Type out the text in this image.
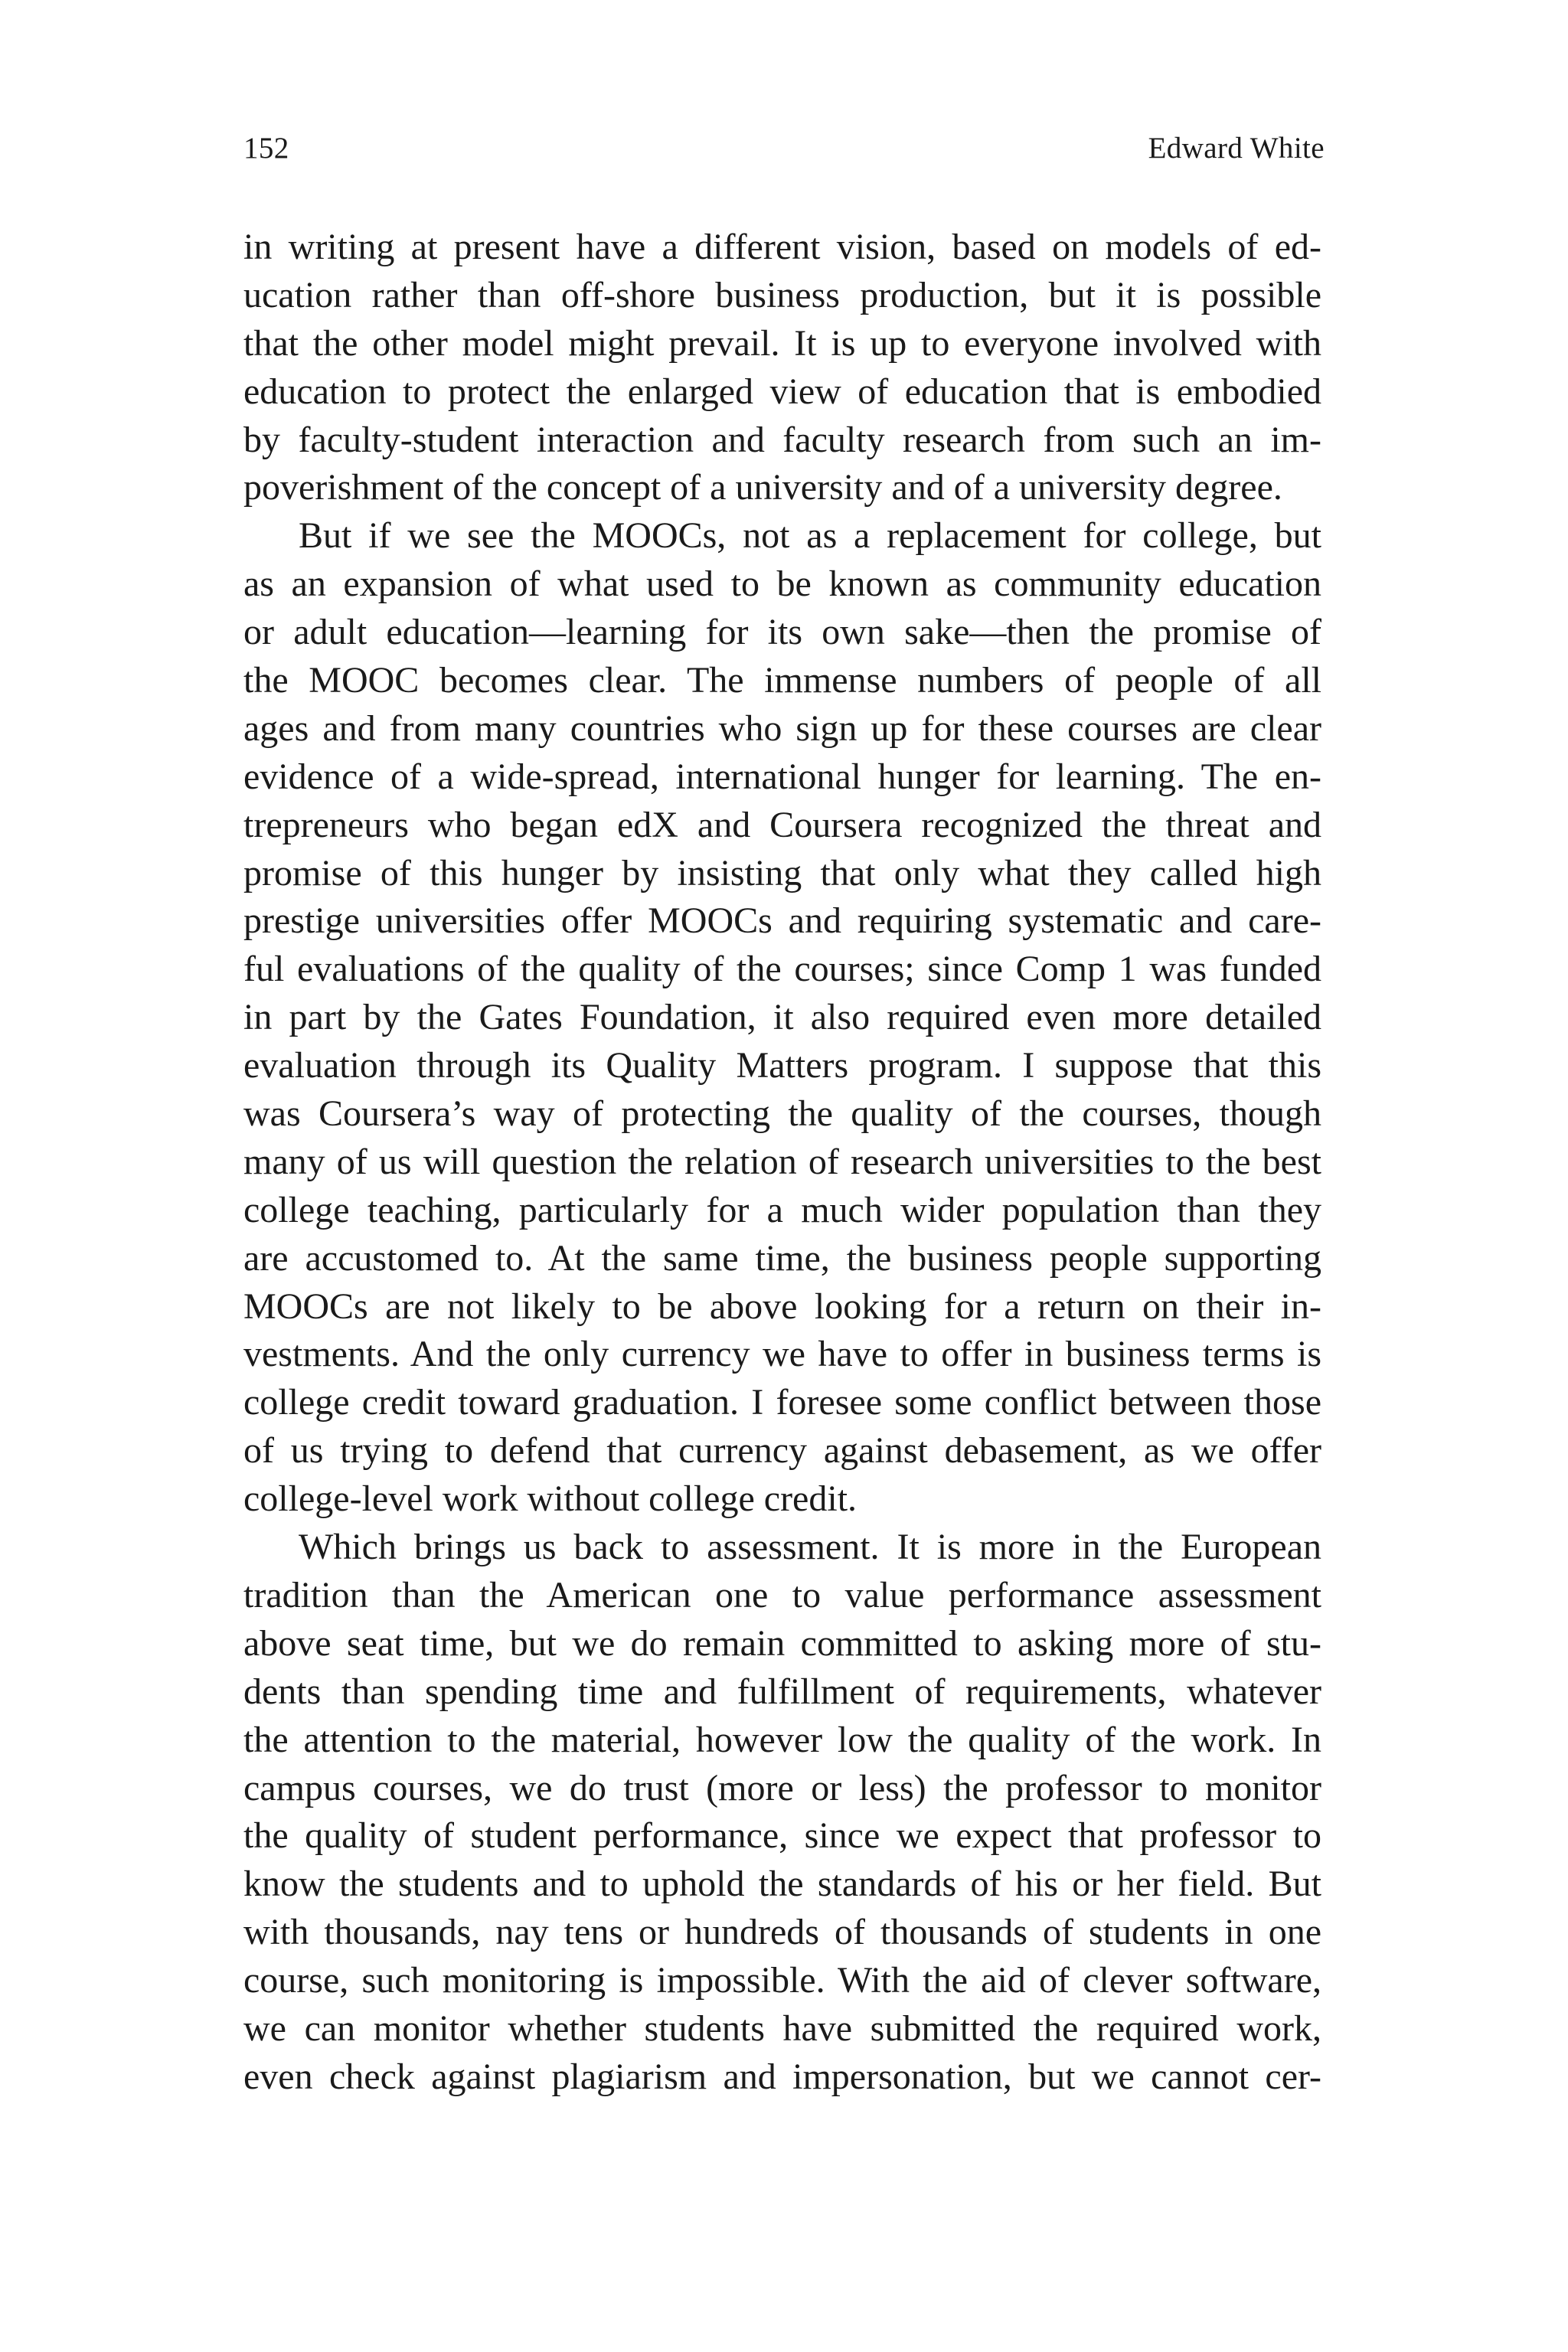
152	Edward White
in writing at present have a different vision, based on models of ed-
ucation rather than off-shore business production, but it is possible
that the other model might prevail. It is up to everyone involved with
education to protect the enlarged view of education that is embodied
by faculty-student interaction and faculty research from such an im-
poverishment of the concept of a university and of a university degree.
But if we see the MOOCs, not as a replacement for college, but
as an expansion of what used to be known as community education
or adult education—learning for its own sake—then the promise of
the MOOC becomes clear. The immense numbers of people of all
ages and from many countries who sign up for these courses are clear
evidence of a wide-spread, international hunger for learning. The en-
trepreneurs who began edX and Coursera recognized the threat and
promise of this hunger by insisting that only what they called high
prestige universities offer MOOCs and requiring systematic and care-
ful evaluations of the quality of the courses; since Comp 1 was funded
in part by the Gates Foundation, it also required even more detailed
evaluation through its Quality Matters program. I suppose that this
was Coursera’s way of protecting the quality of the courses, though
many of us will question the relation of research universities to the best
college teaching, particularly for a much wider population than they
are accustomed to. At the same time, the business people supporting
MOOCs are not likely to be above looking for a return on their in-
vestments. And the only currency we have to offer in business terms is
college credit toward graduation. I foresee some conflict between those
of us trying to defend that currency against debasement, as we offer
college-level work without college credit.
Which brings us back to assessment. It is more in the European
tradition than the American one to value performance assessment
above seat time, but we do remain committed to asking more of stu-
dents than spending time and fulfillment of requirements, whatever
the attention to the material, however low the quality of the work. In
campus courses, we do trust (more or less) the professor to monitor
the quality of student performance, since we expect that professor to
know the students and to uphold the standards of his or her field. But
with thousands, nay tens or hundreds of thousands of students in one
course, such monitoring is impossible. With the aid of clever software,
we can monitor whether students have submitted the required work,
even check against plagiarism and impersonation, but we cannot cer-
